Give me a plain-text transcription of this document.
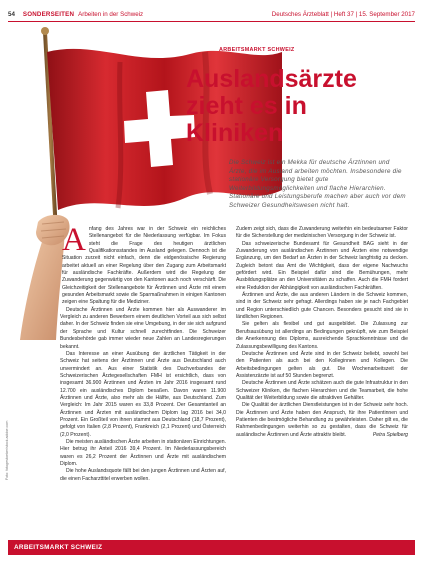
54 SONDERSEITEN Arbeiten in der Schweiz	Deutsches Ärzteblatt | Heft 37 | 15. September 2017
ARBEITSMARKT SCHWEIZ
Auslandsärzte zieht es in Kliniken

Die Schweiz ist ein Mekka für deutsche Ärztinnen und Ärzte, die im Ausland arbeiten möchten. Insbesondere die stationäre Versorgung bietet gute Weiterbildungsmöglichkeiten und flache Hierarchien. Stationäre und Leistungsberufe machen aber auch vor dem Schweizer Gesundheitswesen nicht halt.

Anfang des Jahres war in der Schweiz ein reichliches Stellenangebot für die Niederlassung verfügbar. Im Fokus steht die Frage des heutigen ärztlichen Qualifikationsstandes im Ausland gelegen. Dennoch ist die Situation zurzeit nicht einfach, denn die eidgenössische Regierung arbeitet aktuell an einer Regelung über den Zugang zum Arbeitsmarkt für ausländische Fachkräfte. Außerdem wird die Regelung der Zuwanderung gegenwärtig von den Kantonen auch noch verschärft. Die Gleichzeitigkeit der Stellenangebote für Ärztinnen und Ärzte mit einem gesunden Arbeitsmarkt sowie die Sparmaßnahmen in einigen Kantonen zeigen eine Spaltung für die Mediziner.

Deutsche Ärztinnen und Ärzte kommen hier als Auswanderer im Vergleich zu anderen Bewerbern einem deutlichen Vorteil aus sich selbst daher. In der Schweiz finden sie eine Umgebung, in der sie sich aufgrund der Sprache und Kultur schnell zurechtfinden. Die Schweizer Bundesbehörde gab immer wieder neue Zahlen an Landesregierungen bekannt.

Das Interesse an einer Ausübung der ärztlichen Tätigkeit in der Schweiz hat seitens der Ärztinnen und Ärzte aus Deutschland auch unvermindert an. Aus einer Statistik des Dachverbandes der Schweizerischen Ärztegesellschaften FMH ist ersichtlich, dass von insgesamt 36.900 Ärztinnen und Ärzten im Jahr 2016 insgesamt rund 12.700 ein ausländisches Diplom besaßen. Davon waren 11.900 Ärztinnen und Ärzte, also mehr als die Hälfte, aus Deutschland. Zum Vergleich: Im Jahr 2015 waren es 33,8 Prozent. Der Gesamtanteil an Ärztinnen und Ärzten mit ausländischem Diplom lag 2016 bei 34,0 Prozent. Ein Großteil von ihnen stammt aus Deutschland (18,7 Prozent), gefolgt von Italien (2,8 Prozent), Frankreich (2,1 Prozent) und Österreich (2,0 Prozent).

Die meisten ausländischen Ärzte arbeiten in stationären Einrichtungen. Hier betrug ihr Anteil 2016 39,4 Prozent. Im Niederlassungsbereich waren es 26,2 Prozent der Ärztinnen und Ärzte mit ausländischem Diplom.

Die hohe Auslandsquote fällt bei den jungen Ärztinnen und Ärzten auf, die einen Facharzttitel erwerben wollen.

Zudem zeigt sich, dass die Zuwanderung weiterhin ein bedeutsamer Faktor für die Sicherstellung der medizinischen Versorgung in der Schweiz ist.

Das schweizerische Bundesamt für Gesundheit BAG sieht in der Zuwanderung von ausländischen Ärztinnen und Ärzten eine notwendige Ergänzung, um den Bedarf an Ärzten in der Schweiz langfristig zu decken. Zugleich betont das Amt die Wichtigkeit, dass der eigene Nachwuchs gefördert wird. Ein Beispiel dafür sind die Bemühungen, mehr Ausbildungsplätze an den Universitäten zu schaffen. Auch die FMH fordert eine Reduktion der Abhängigkeit von ausländischen Fachkräften.

Ärztinnen und Ärzte, die aus anderen Ländern in die Schweiz kommen, sind in der Schweiz sehr gefragt. Allerdings haben sie je nach Fachgebiet und Region unterschiedlich gute Chancen. Besonders gesucht sind sie in ländlichen Regionen.

Sie gelten als flexibel und gut ausgebildet. Die Zulassung zur Berufsausübung ist allerdings an Bedingungen geknüpft, wie zum Beispiel die Anerkennung des Diploms, ausreichende Sprachkenntnisse und die Zulassungsbewilligung des Kantons.

Deutsche Ärztinnen und Ärzte sind in der Schweiz beliebt, sowohl bei den Patienten als auch bei den Kolleginnen und Kollegen. Die Arbeitsbedingungen gelten als gut. Die Wochenarbeitszeit der Assistenzärzte ist auf 50 Stunden begrenzt.

Deutsche Ärztinnen und Ärzte schätzen auch die gute Infrastruktur in den Schweizer Kliniken, die flachen Hierarchien und die Teamarbeit, die hohe Qualität der Weiterbildung sowie die attraktiven Gehälter.

Die Qualität der ärztlichen Dienstleistungen ist in der Schweiz sehr hoch. Die Ärztinnen und Ärzte haben den Anspruch, für ihre Patientinnen und Patienten die bestmögliche Behandlung zu gewährleisten. Daher gilt es, die Rahmenbedingungen weiterhin so zu gestalten, dass die Schweiz für ausländische Ärztinnen und Ärzte attraktiv bleibt.	Petra Spielberg

Foto: fotogestoeber/stock.adobe.com
ARBEITSMARKT SCHWEIZ
